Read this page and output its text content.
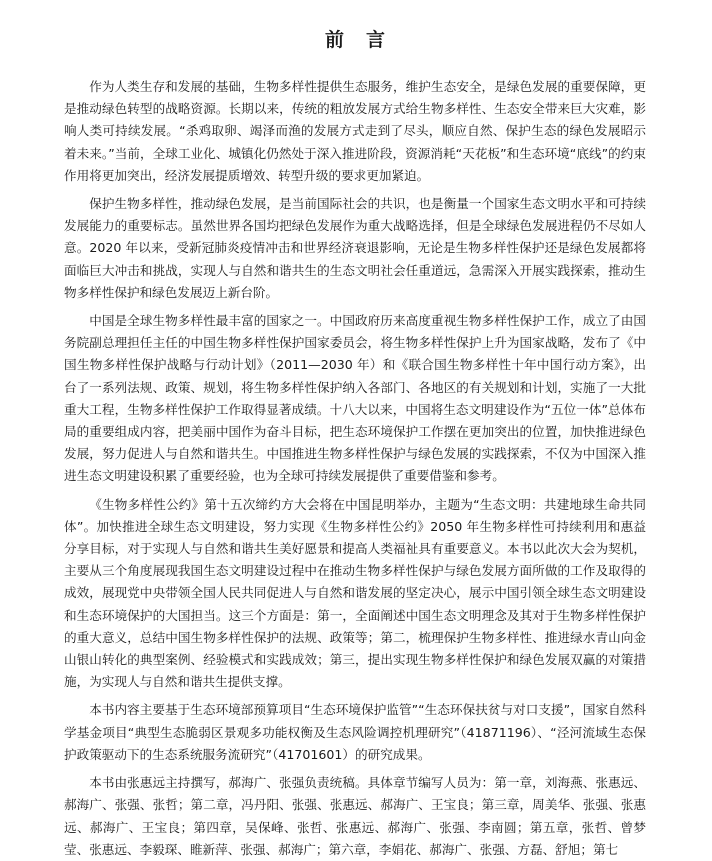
前言

作为人类生存和发展的基础，生物多样性提供生态服务，维护生态安全，是绿色发展的重要保障，更是推动绿色转型的战略资源。长期以来，传统的粗放发展方式给生物多样性、生态安全带来巨大灾难，影响人类可持续发展。“杀鸡取卵、竭泽而渔的发展方式走到了尽头，顺应自然、保护生态的绿色发展昭示着未来。”当前，全球工业化、城镇化仍然处于深入推进阶段，资源消耗“天花板”和生态环境“底线”的约束作用将更加突出，经济发展提质增效、转型升级的要求更加紧迫。

保护生物多样性，推动绿色发展，是当前国际社会的共识，也是衡量一个国家生态文明水平和可持续发展能力的重要标志。虽然世界各国均把绿色发展作为重大战略选择，但是全球绿色发展进程仍不尽如人意。2020 年以来，受新冠肺炎疫情冲击和世界经济衰退影响，无论是生物多样性保护还是绿色发展都将面临巨大冲击和挑战，实现人与自然和谐共生的生态文明社会任重道远，急需深入开展实践探索，推动生物多样性保护和绿色发展迈上新台阶。

中国是全球生物多样性最丰富的国家之一。中国政府历来高度重视生物多样性保护工作，成立了由国务院副总理担任主任的中国生物多样性保护国家委员会，将生物多样性保护上升为国家战略，发布了《中国生物多样性保护战略与行动计划》（2011—2030 年）和《联合国生物多样性十年中国行动方案》，出台了一系列法规、政策、规划，将生物多样性保护纳入各部门、各地区的有关规划和计划，实施了一大批重大工程，生物多样性保护工作取得显著成绩。十八大以来，中国将生态文明建设作为“五位一体”总体布局的重要组成内容，把美丽中国作为奋斗目标，把生态环境保护工作摆在更加突出的位置，加快推进绿色发展，努力促进人与自然和谐共生。中国推进生物多样性保护与绿色发展的实践探索，不仅为中国深入推进生态文明建设积累了重要经验，也为全球可持续发展提供了重要借鉴和参考。

《生物多样性公约》第十五次缔约方大会将在中国昆明举办，主题为“生态文明：共建地球生命共同体”。加快推进全球生态文明建设，努力实现《生物多样性公约》2050 年生物多样性可持续利用和惠益分享目标，对于实现人与自然和谐共生美好愿景和提高人类福祉具有重要意义。本书以此次大会为契机，主要从三个角度展现我国生态文明建设过程中在推动生物多样性保护与绿色发展方面所做的工作及取得的成效，展现党中央带领全国人民共同促进人与自然和谐发展的坚定决心，展示中国引领全球生态文明建设和生态环境保护的大国担当。这三个方面是：第一，全面阐述中国生态文明理念及其对于生物多样性保护的重大意义，总结中国生物多样性保护的法规、政策等；第二，梳理保护生物多样性、推进绿水青山向金山银山转化的典型案例、经验模式和实践成效；第三，提出实现生物多样性保护和绿色发展双赢的对策措施，为实现人与自然和谐共生提供支撑。

本书内容主要基于生态环境部预算项目“生态环境保护监管”“生态环保扶贫与对口支援”，国家自然科学基金项目“典型生态脆弱区景观多功能权衡及生态风险调控机理研究”（41871196）、“泾河流域生态保护政策驱动下的生态系统服务流研究”（41701601）的研究成果。

本书由张惠远主持撰写，郝海广、张强负责统稿。具体章节编写人员为：第一章，刘海燕、张惠远、郝海广、张强、张哲；第二章，冯丹阳、张强、张惠远、郝海广、王宝良；第三章，周美华、张强、张惠远、郝海广、王宝良；第四章，吴保峰、张哲、张惠远、郝海广、张强、李南圆；第五章，张哲、曾梦莹、张惠远、李毅琛、睢新萍、张强、郝海广；第六章，李娟花、郝海广、张强、方磊、舒旭；第七
